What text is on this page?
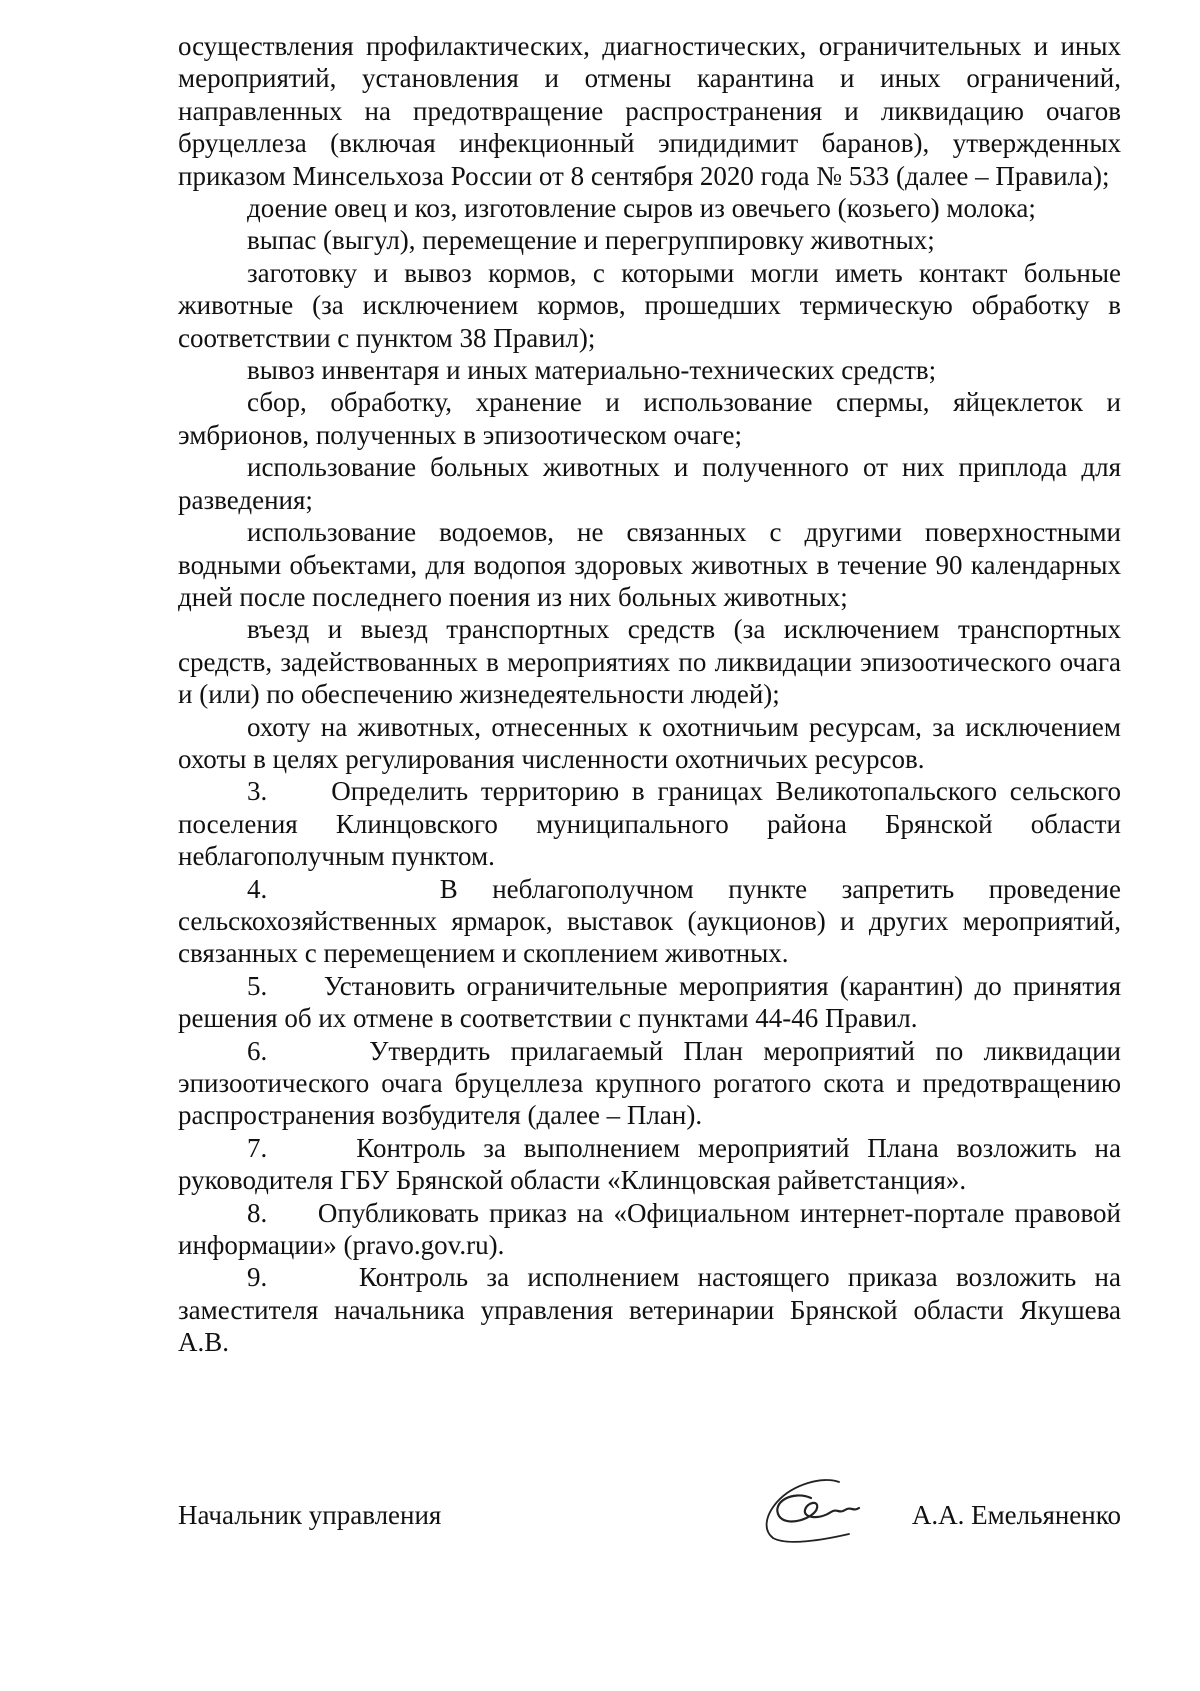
осуществления профилактических, диагностических, ограничительных и иных мероприятий, установления и отмены карантина и иных ограничений, направленных на предотвращение распространения и ликвидацию очагов бруцеллеза (включая инфекционный эпидидимит баранов), утвержденных приказом Минсельхоза России от 8 сентября 2020 года № 533 (далее – Правила);

доение овец и коз, изготовление сыров из овечьего (козьего) молока;

выпас (выгул), перемещение и перегруппировку животных;

заготовку и вывоз кормов, с которыми могли иметь контакт больные животные (за исключением кормов, прошедших термическую обработку в соответствии с пунктом 38 Правил);

вывоз инвентаря и иных материально-технических средств;

сбор, обработку, хранение и использование спермы, яйцеклеток и эмбрионов, полученных в эпизоотическом очаге;

использование больных животных и полученного от них приплода для разведения;

использование водоемов, не связанных с другими поверхностными водными объектами, для водопоя здоровых животных в течение 90 календарных дней после последнего поения из них больных животных;

въезд и выезд транспортных средств (за исключением транспортных средств, задействованных в мероприятиях по ликвидации эпизоотического очага и (или) по обеспечению жизнедеятельности людей);

охоту на животных, отнесенных к охотничьим ресурсам, за исключением охоты в целях регулирования численности охотничьих ресурсов.

3.     Определить территорию в границах Великотопальского сельского поселения Клинцовского муниципального района Брянской области неблагополучным пунктом.

4.     В неблагополучном пункте запретить проведение сельскохозяйственных ярмарок, выставок (аукционов) и других мероприятий, связанных с перемещением и скоплением животных.

5.     Установить ограничительные мероприятия (карантин) до принятия решения об их отмене в соответствии с пунктами 44-46 Правил.

6.     Утвердить прилагаемый План мероприятий по ликвидации эпизоотического очага бруцеллеза крупного рогатого скота и предотвращению распространения возбудителя (далее – План).

7.     Контроль за выполнением мероприятий Плана возложить на руководителя ГБУ Брянской области «Клинцовская райветстанция».

8.     Опубликовать приказ на «Официальном интернет-портале правовой информации» (pravo.gov.ru).

9.     Контроль за исполнением настоящего приказа возложить на заместителя начальника управления ветеринарии Брянской области Якушева А.В.

Начальник управления	А.А. Емельяненко
